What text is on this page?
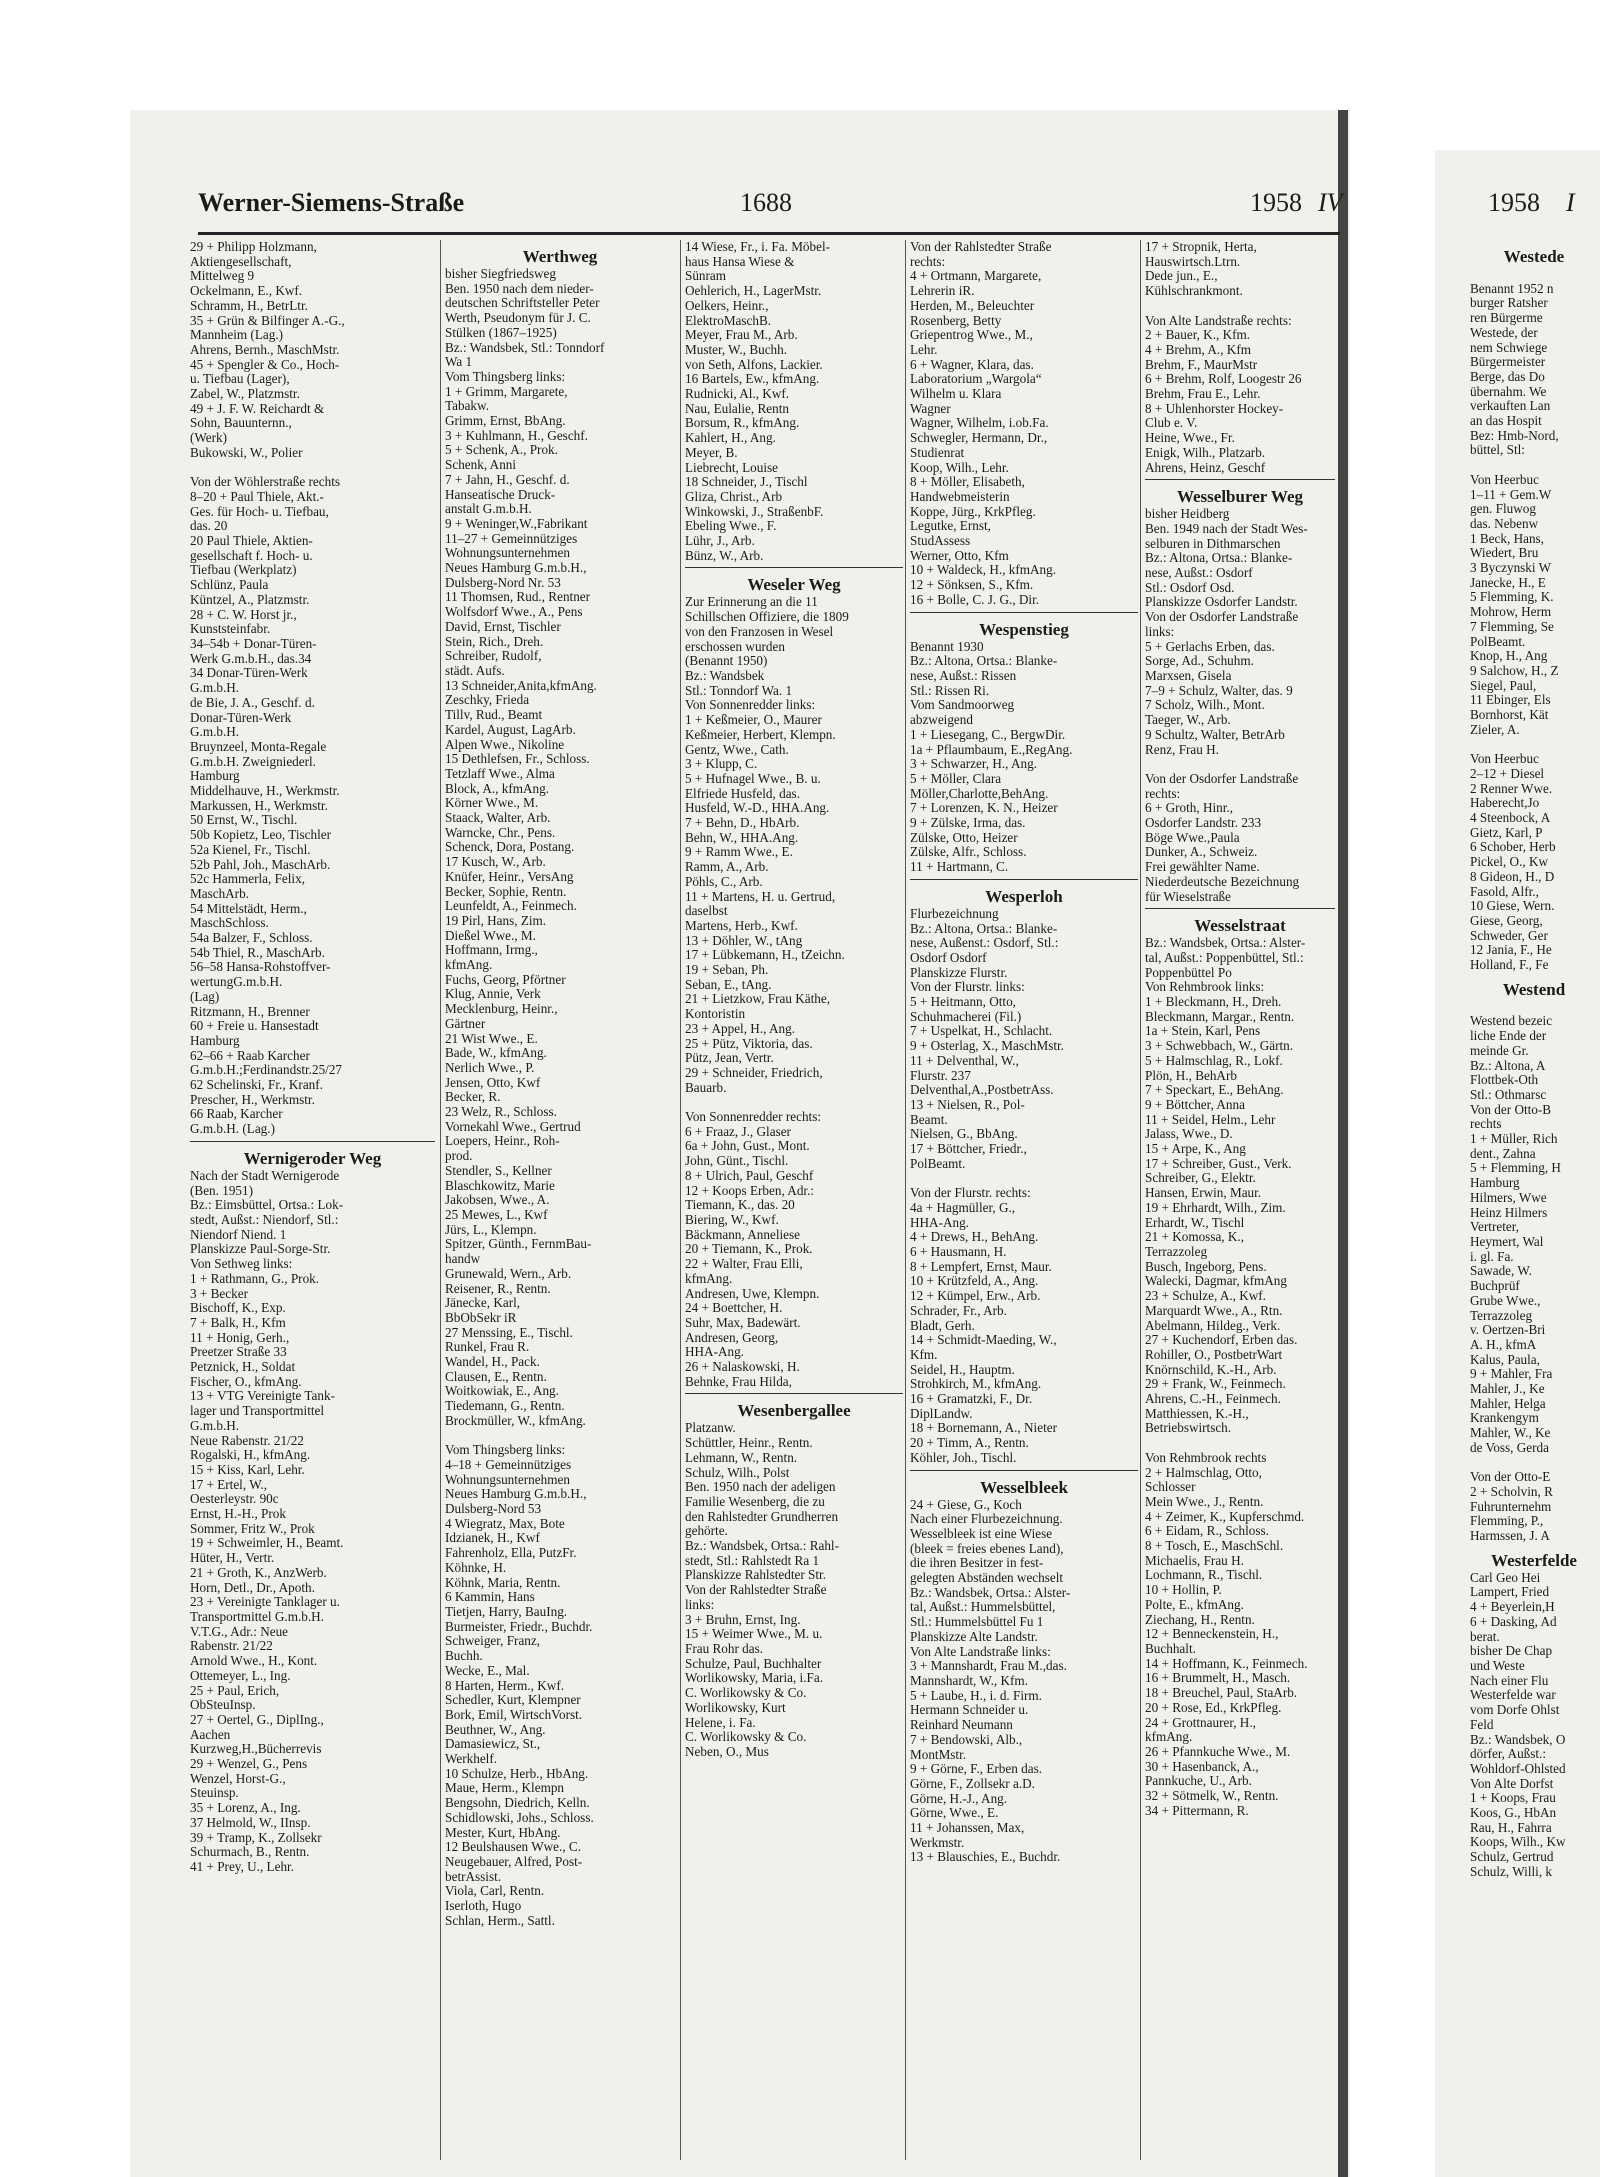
Werner-Siemens-Straße	1688	1958 IV	1958 I
29 + Philipp Holzmann,
Aktiengesellschaft,
Mittelweg 9
Ockelmann, E., Kwf.
Schramm, H., BetrLtr.
35 + Grün & Bilfinger A.-G.,
Mannheim (Lag.)
Ahrens, Bernh., MaschMstr.
45 + Spengler & Co., Hoch-
u. Tiefbau (Lager),
Zabel, W., Platzmstr.
49 + J. F. W. Reichardt &
Sohn, Bauunternn.,
(Werk)
Bukowski, W., Polier

Von der Wöhlerstraße rechts
8–20 + Paul Thiele, Akt.-
Ges. für Hoch- u. Tiefbau,
das. 20
20 Paul Thiele, Aktien-
gesellschaft f. Hoch- u.
Tiefbau (Werkplatz)
Schlünz, Paula
Küntzel, A., Platzmstr.
28 + C. W. Horst jr.,
Kunststeinfabr.
34–54b + Donar-Türen-
Werk G.m.b.H., das.34
34 Donar-Türen-Werk
G.m.b.H.
de Bie, J. A., Geschf. d.
Donar-Türen-Werk
G.m.b.H.
Bruynzeel, Monta-Regale
G.m.b.H. Zweigniederl.
Hamburg
Middelhauve, H., Werkmstr.
Markussen, H., Werkmstr.
50 Ernst, W., Tischl.
50b Kopietz, Leo, Tischler
52a Kienel, Fr., Tischl.
52b Pahl, Joh., MaschArb.
52c Hammerla, Felix,
MaschArb.
54 Mittelstädt, Herm.,
MaschSchloss.
54a Balzer, F., Schloss.
54b Thiel, R., MaschArb.
56–58 Hansa-Rohstoffver-
wertungG.m.b.H.
(Lag)
Ritzmann, H., Brenner
60 + Freie u. Hansestadt
Hamburg
62–66 + Raab Karcher
G.m.b.H.;Ferdinandstr.25/27
62 Schelinski, Fr., Kranf.
Prescher, H., Werkmstr.
66 Raab, Karcher
G.m.b.H. (Lag.)
Wernigeroder Weg
Nach der Stadt Wernigerode
(Ben. 1951)
Bz.: Eimsbüttel, Ortsa.: Lok-
stedt, Außst.: Niendorf, Stl.:
Niendorf Niend. 1
Planskizze Paul-Sorge-Str.
Von Sethweg links:
1 + Rathmann, G., Prok.
3 + Becker
Bischoff, K., Exp.
7 + Balk, H., Kfm
11 + Honig, Gerh.,
Preetzer Straße 33
Petznick, H., Soldat
Fischer, O., kfmAng.
13 + VTG Vereinigte Tank-
lager und Transportmittel
G.m.b.H.
Neue Rabenstr. 21/22
Rogalski, H., kfmAng.
15 + Kiss, Karl, Lehr.
17 + Ertel, W.,
Oesterleystr. 90c
Ernst, H.-H., Prok
Sommer, Fritz W., Prok
19 + Schweimler, H., Beamt.
Hüter, H., Vertr.
21 + Groth, K., AnzWerb.
Horn, Detl., Dr., Apoth.
23 + Vereinigte Tanklager u.
Transportmittel G.m.b.H.
V.T.G., Adr.: Neue
Rabenstr. 21/22
Arnold Wwe., H., Kont.
Ottemeyer, L., Ing.
25 + Paul, Erich,
ObSteuInsp.
27 + Oertel, G., DiplIng.,
Aachen
Kurzweg,H.,Bücherrevis
29 + Wenzel, G., Pens
Wenzel, Horst-G.,
Steuinsp.
35 + Lorenz, A., Ing.
37 Helmold, W., IInsp.
39 + Tramp, K., Zollsekr
Schurmach, B., Rentn.
41 + Prey, U., Lehr.
Werthweg
bisher Siegfriedsweg
Ben. 1950 nach dem nieder-
deutschen Schriftsteller Peter
Werth, Pseudonym für J. C.
Stülken (1867–1925)
Bz.: Wandsbek, Stl.: Tonndorf
Wa 1
Vom Thingsberg links:
1 + Grimm, Margarete,
Tabakw.
Grimm, Ernst, BbAng.
3 + Kuhlmann, H., Geschf.
5 + Schenk, A., Prok.
Schenk, Anni
7 + Jahn, H., Geschf. d.
Hanseatische Druck-
anstalt G.m.b.H.
9 + Weninger,W.,Fabrikant
11–27 + Gemeinnütziges
Wohnungsunternehmen
Neues Hamburg G.m.b.H.,
Dulsberg-Nord Nr. 53
11 Thomsen, Rud., Rentner
Wolfsdorf Wwe., A., Pens
David, Ernst, Tischler
Stein, Rich., Dreh.
Schreiber, Rudolf,
städt. Aufs.
13 Schneider,Anita,kfmAng.
Zeschky, Frieda
Tillv, Rud., Beamt
Kardel, August, LagArb.
Alpen Wwe., Nikoline
15 Dethlefsen, Fr., Schloss.
Tetzlaff Wwe., Alma
Block, A., kfmAng.
Körner Wwe., M.
Staack, Walter, Arb.
Warncke, Chr., Pens.
Schenck, Dora, Postang.
17 Kusch, W., Arb.
Knüfer, Heinr., VersAng
Becker, Sophie, Rentn.
Leunfeldt, A., Feinmech.
19 Pirl, Hans, Zim.
Dießel Wwe., M.
Hoffmann, Irmg.,
kfmAng.
Fuchs, Georg, Pförtner
Klug, Annie, Verk
Mecklenburg, Heinr.,
Gärtner
21 Wist Wwe., E.
Bade, W., kfmAng.
Nerlich Wwe., P.
Jensen, Otto, Kwf
Becker, R.
23 Welz, R., Schloss.
Vornekahl Wwe., Gertrud
Loepers, Heinr., Roh-
prod.
Stendler, S., Kellner
Blaschkowitz, Marie
Jakobsen, Wwe., A.
25 Mewes, L., Kwf
Jürs, L., Klempn.
Spitzer, Günth., FernmBau-
handw
Grunewald, Wern., Arb.
Reisener, R., Rentn.
Jänecke, Karl,
BbObSekr iR
27 Menssing, E., Tischl.
Runkel, Frau R.
Wandel, H., Pack.
Clausen, E., Rentn.
Woitkowiak, E., Ang.
Tiedemann, G., Rentn.
Brockmüller, W., kfmAng.

Vom Thingsberg links:
4–18 + Gemeinnütziges
Wohnungsunternehmen
Neues Hamburg G.m.b.H.,
Dulsberg-Nord 53
4 Wiegratz, Max, Bote
Idzianek, H., Kwf
Fahrenholz, Ella, PutzFr.
Köhnke, H.
Köhnk, Maria, Rentn.
6 Kammin, Hans
Tietjen, Harry, BauIng.
Burmeister, Friedr., Buchdr.
Schweiger, Franz,
Buchh.
Wecke, E., Mal.
8 Harten, Herm., Kwf.
Schedler, Kurt, Klempner
Bork, Emil, WirtschVorst.
Beuthner, W., Ang.
Damasiewicz, St.,
Werkhelf.
10 Schulze, Herb., HbAng.
Maue, Herm., Klempn
Bengsohn, Diedrich, Kelln.
Schidlowski, Johs., Schloss.
Mester, Kurt, HbAng.
12 Beulshausen Wwe., C.
Neugebauer, Alfred, Post-
betrAssist.
Viola, Carl, Rentn.
Iserloth, Hugo
Schlan, Herm., Sattl.
14 Wiese, Fr., i. Fa. Möbel-
haus Hansa Wiese &
Sünram
Oehlerich, H., LagerMstr.
Oelkers, Heinr.,
ElektroMaschB.
Meyer, Frau M., Arb.
Muster, W., Buchh.
von Seth, Alfons, Lackier.
16 Bartels, Ew., kfmAng.
Rudnicki, Al., Kwf.
Nau, Eulalie, Rentn
Borsum, R., kfmAng.
Kahlert, H., Ang.
Meyer, B.
Liebrecht, Louise
18 Schneider, J., Tischl
Gliza, Christ., Arb
Winkowski, J., StraßenbF.
Ebeling Wwe., F.
Lühr, J., Arb.
Bünz, W., Arb.
Weseler Weg
Zur Erinnerung an die 11
Schillschen Offiziere, die 1809
von den Franzosen in Wesel
erschossen wurden
(Benannt 1950)
Bz.: Wandsbek
Stl.: Tonndorf Wa. 1
Von Sonnenredder links:
1 + Keßmeier, O., Maurer
Keßmeier, Herbert, Klempn.
Gentz, Wwe., Cath.
3 + Klupp, C.
5 + Hufnagel Wwe., B. u.
Elfriede Husfeld, das.
Husfeld, W.-D., HHA.Ang.
7 + Behn, D., HbArb.
Behn, W., HHA.Ang.
9 + Ramm Wwe., E.
Ramm, A., Arb.
Pöhls, C., Arb.
11 + Martens, H. u. Gertrud,
daselbst
Martens, Herb., Kwf.
13 + Döhler, W., tAng
17 + Lübkemann, H., tZeichn.
19 + Seban, Ph.
Seban, E., tAng.
21 + Lietzkow, Frau Käthe,
Kontoristin
23 + Appel, H., Ang.
25 + Pütz, Viktoria, das.
Pütz, Jean, Vertr.
29 + Schneider, Friedrich,
Bauarb.

Von Sonnenredder rechts:
6 + Fraaz, J., Glaser
6a + John, Gust., Mont.
John, Günt., Tischl.
8 + Ulrich, Paul, Geschf
12 + Koops Erben, Adr.:
Tiemann, K., das. 20
Biering, W., Kwf.
Bäckmann, Anneliese
20 + Tiemann, K., Prok.
22 + Walter, Frau Elli,
kfmAng.
Andresen, Uwe, Klempn.
24 + Boettcher, H.
Suhr, Max, Badewärt.
Andresen, Georg,
HHA-Ang.
26 + Nalaskowski, H.
Behnke, Frau Hilda,
Wesenbergallee
Platzanw.
Schüttler, Heinr., Rentn.
Lehmann, W., Rentn.
Schulz, Wilh., Polst
Ben. 1950 nach der adeligen
Familie Wesenberg, die zu
den Rahlstedter Grundherren
gehörte.
Bz.: Wandsbek, Ortsa.: Rahl-
stedt, Stl.: Rahlstedt Ra 1
Planskizze Rahlstedter Str.
Von der Rahlstedter Straße
links:
3 + Bruhn, Ernst, Ing.
15 + Weimer Wwe., M. u.
Frau Rohr das.
Schulze, Paul, Buchhalter
Worlikowsky, Maria, i.Fa.
C. Worlikowsky & Co.
Worlikowsky, Kurt
Helene, i. Fa.
C. Worlikowsky & Co.
Neben, O., Mus
Von der Rahlstedter Straße
rechts:
4 + Ortmann, Margarete,
Lehrerin iR.
Herden, M., Beleuchter
Rosenberg, Betty
Griepentrog Wwe., M.,
Lehr.
6 + Wagner, Klara, das.
Laboratorium „Wargola“
Wilhelm u. Klara
Wagner
Wagner, Wilhelm, i.ob.Fa.
Schwegler, Hermann, Dr.,
Studienrat
Koop, Wilh., Lehr.
8 + Möller, Elisabeth,
Handwebmeisterin
Koppe, Jürg., KrkPfleg.
Legutke, Ernst,
StudAssess
Werner, Otto, Kfm
10 + Waldeck, H., kfmAng.
12 + Sönksen, S., Kfm.
16 + Bolle, C. J. G., Dir.
Wespenstieg
Benannt 1930
Bz.: Altona, Ortsa.: Blanke-
nese, Außst.: Rissen
Stl.: Rissen Ri.
Vom Sandmoorweg
abzweigend
1 + Liesegang, C., BergwDir.
1a + Pflaumbaum, E.,RegAng.
3 + Schwarzer, H., Ang.
5 + Möller, Clara
Möller,Charlotte,BehAng.
7 + Lorenzen, K. N., Heizer
9 + Zülske, Irma, das.
Zülske, Otto, Heizer
Zülske, Alfr., Schloss.
11 + Hartmann, C.
Wesperloh
Flurbezeichnung
Bz.: Altona, Ortsa.: Blanke-
nese, Außenst.: Osdorf, Stl.:
Osdorf Osdorf
Planskizze Flurstr.
Von der Flurstr. links:
5 + Heitmann, Otto,
Schuhmacherei (Fil.)
7 + Uspelkat, H., Schlacht.
9 + Osterlag, X., MaschMstr.
11 + Delventhal, W.,
Flurstr. 237
Delventhal,A.,PostbetrAss.
13 + Nielsen, R., Pol-
Beamt.
Nielsen, G., BbAng.
17 + Böttcher, Friedr.,
PolBeamt.

Von der Flurstr. rechts:
4a + Hagmüller, G.,
HHA-Ang.
4 + Drews, H., BehAng.
6 + Hausmann, H.
8 + Lempfert, Ernst, Maur.
10 + Krützfeld, A., Ang.
12 + Kümpel, Erw., Arb.
Schrader, Fr., Arb.
Bladt, Gerh.
14 + Schmidt-Maeding, W.,
Kfm.
Seidel, H., Hauptm.
Strohkirch, M., kfmAng.
16 + Gramatzki, F., Dr.
DiplLandw.
18 + Bornemann, A., Nieter
20 + Timm, A., Rentn.
Köhler, Joh., Tischl.
Wesselbleek
24 + Giese, G., Koch
Nach einer Flurbezeichnung.
Wesselbleek ist eine Wiese
(bleek = freies ebenes Land),
die ihren Besitzer in fest-
gelegten Abständen wechselt
Bz.: Wandsbek, Ortsa.: Alster-
tal, Außst.: Hummelsbüttel,
Stl.: Hummelsbüttel Fu 1
Planskizze Alte Landstr.
Von Alte Landstraße links:
3 + Mannshardt, Frau M.,das.
Mannshardt, W., Kfm.
5 + Laube, H., i. d. Firm.
Hermann Schneider u.
Reinhard Neumann
7 + Bendowski, Alb.,
MontMstr.
9 + Görne, F., Erben das.
Görne, F., Zollsekr a.D.
Görne, H.-J., Ang.
Görne, Wwe., E.
11 + Johanssen, Max,
Werkmstr.
13 + Blauschies, E., Buchdr.
17 + Stropnik, Herta,
Hauswirtsch.Ltrn.
Dede jun., E.,
Kühlschrankmont.

Von Alte Landstraße rechts:
2 + Bauer, K., Kfm.
4 + Brehm, A., Kfm
Brehm, F., MaurMstr
6 + Brehm, Rolf, Loogestr 26
Brehm, Frau E., Lehr.
8 + Uhlenhorster Hockey-
Club e. V.
Heine, Wwe., Fr.
Enigk, Wilh., Platzarb.
Ahrens, Heinz, Geschf
Wesselburer Weg
bisher Heidberg
Ben. 1949 nach der Stadt Wes-
selburen in Dithmarschen
Bz.: Altona, Ortsa.: Blanke-
nese, Außst.: Osdorf
Stl.: Osdorf Osd.
Planskizze Osdorfer Landstr.
Von der Osdorfer Landstraße
links:
5 + Gerlachs Erben, das.
Sorge, Ad., Schuhm.
Marxsen, Gisela
7–9 + Schulz, Walter, das. 9
7 Scholz, Wilh., Mont.
Taeger, W., Arb.
9 Schultz, Walter, BetrArb
Renz, Frau H.

Von der Osdorfer Landstraße
rechts:
6 + Groth, Hinr.,
Osdorfer Landstr. 233
Böge Wwe.,Paula
Dunker, A., Schweiz.
Frei gewählter Name.
Niederdeutsche Bezeichnung
für Wieselstraße
Wesselstraat
Bz.: Wandsbek, Ortsa.: Alster-
tal, Außst.: Poppenbüttel, Stl.:
Poppenbüttel Po
Von Rehmbrook links:
1 + Bleckmann, H., Dreh.
Bleckmann, Margar., Rentn.
1a + Stein, Karl, Pens
3 + Schwebbach, W., Gärtn.
5 + Halmschlag, R., Lokf.
Plön, H., BehArb
7 + Speckart, E., BehAng.
9 + Böttcher, Anna
11 + Seidel, Helm., Lehr
Jalass, Wwe., D.
15 + Arpe, K., Ang
17 + Schreiber, Gust., Verk.
Schreiber, G., Elektr.
Hansen, Erwin, Maur.
19 + Ehrhardt, Wilh., Zim.
Erhardt, W., Tischl
21 + Komossa, K.,
Terrazzoleg
Busch, Ingeborg, Pens.
Walecki, Dagmar, kfmAng
23 + Schulze, A., Kwf.
Marquardt Wwe., A., Rtn.
Abelmann, Hildeg., Verk.
27 + Kuchendorf, Erben das.
Rohiller, O., PostbetrWart
Knörnschild, K.-H., Arb.
29 + Frank, W., Feinmech.
Ahrens, C.-H., Feinmech.
Matthiessen, K.-H.,
Betriebswirtsch.

Von Rehmbrook rechts
2 + Halmschlag, Otto,
Schlosser
Mein Wwe., J., Rentn.
4 + Zeimer, K., Kupferschmd.
6 + Eidam, R., Schloss.
8 + Tosch, E., MaschSchl.
Michaelis, Frau H.
Lochmann, R., Tischl.
10 + Hollin, P.
Polte, E., kfmAng.
Ziechang, H., Rentn.
12 + Benneckenstein, H.,
Buchhalt.
14 + Hoffmann, K., Feinmech.
16 + Brummelt, H., Masch.
18 + Breuchel, Paul, StaArb.
20 + Rose, Ed., KrkPfleg.
24 + Grottnaurer, H.,
kfmAng.
26 + Pfannkuche Wwe., M.
30 + Hasenbanck, A.,
Pannkuche, U., Arb.
32 + Sötmelk, W., Rentn.
34 + Pittermann, R.
Westede

Benannt 1952 n
burger Ratsher
ren Bürgerme
Westede, der
nem Schwiege
Bürgermeister
Berge, das Do
übernahm. We
verkauften Lan
an das Hospit
Bez: Hmb-Nord,
büttel, Stl:

Von Heerbuc
1–11 + Gem.W
gen. Fluwog
das. Nebenw
1 Beck, Hans,
Wiedert, Bru
3 Byczynski W
Janecke, H., E
5 Flemming, K.
Mohrow, Herm
7 Flemming, Se
PolBeamt.
Knop, H., Ang
9 Salchow, H., Z
Siegel, Paul,
11 Ebinger, Els
Bornhorst, Kät
Zieler, A.

Von Heerbuc
2–12 + Diesel
2 Renner Wwe.
Haberecht,Jo
4 Steenbock, A
Gietz, Karl, P
6 Schober, Herb
Pickel, O., Kw
8 Gideon, H., D
Fasold, Alfr.,
10 Giese, Wern.
Giese, Georg,
Schweder, Ger
12 Jania, F., He
Holland, F., Fe
Westend

Westend bezeic
liche Ende der
meinde Gr.
Bz.: Altona, A
Flottbek-Oth
Stl.: Othmarsc
Von der Otto-B
rechts
1 + Müller, Rich
dent., Zahna
5 + Flemming, H
Hamburg
Hilmers, Wwe
Heinz Hilmers
Vertreter,
Heymert, Wal
i. gl. Fa.
Sawade, W.
Buchprüf
Grube Wwe.,
Terrazzoleg
v. Oertzen-Bri
A. H., kfmA
Kalus, Paula,
9 + Mahler, Fra
Mahler, J., Ke
Mahler, Helga
Krankengym
Mahler, W., Ke
de Voss, Gerda

Von der Otto-E
2 + Scholvin, R
Fuhrunternehm
Flemming, P.,
Harmssen, J. A
Westerfelde
Carl Geo Hei
Lampert, Fried
4 + Beyerlein,H
6 + Dasking, Ad
berat.
bisher De Chap
und Weste
Nach einer Flu
Westerfelde war
vom Dorfe Ohlst
Feld
Bz.: Wandsbek, O
dörfer, Außst.:
Wohldorf-Ohlsted
Von Alte Dorfst
1 + Koops, Frau
Koos, G., HbAn
Rau, H., Fahrra
Koops, Wilh., Kw
Schulz, Gertrud
Schulz, Willi, k
